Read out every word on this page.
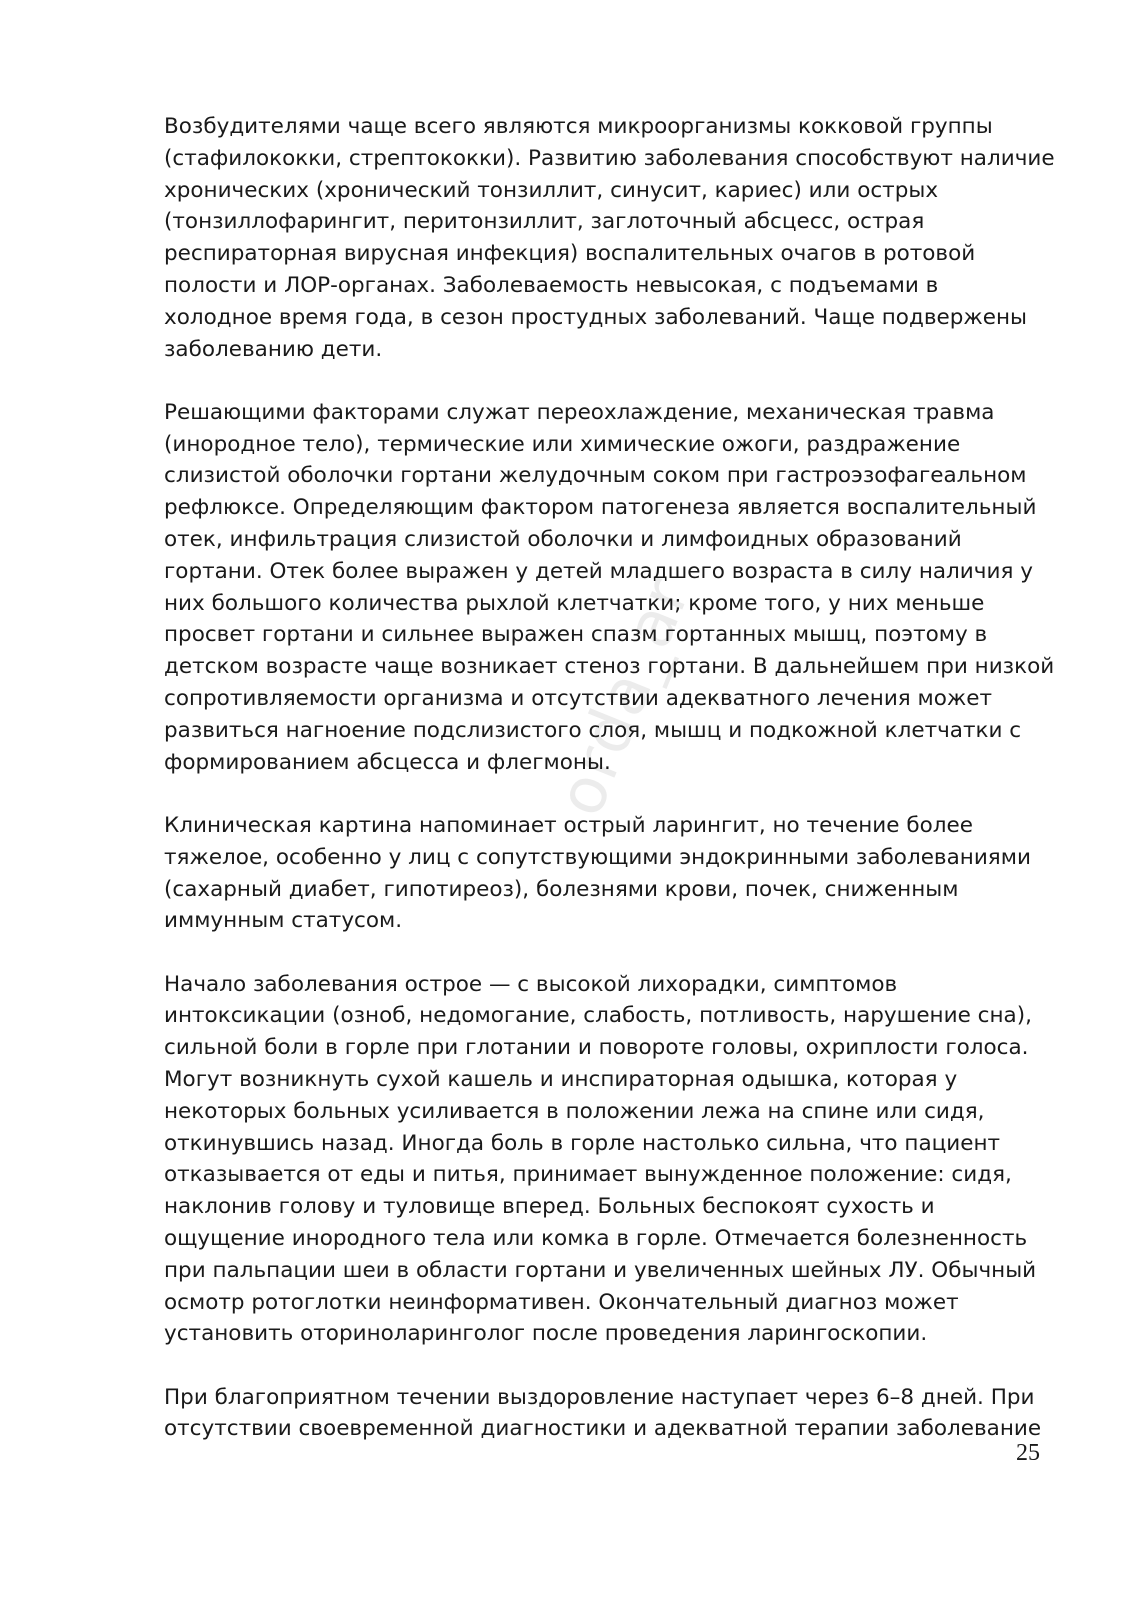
orda_ar
Возбудителями чаще всего являются микроорганизмы кокковой группы
(стафилококки, стрептококки). Развитию заболевания способствуют наличие
хронических (хронический тонзиллит, синусит, кариес) или острых
(тонзиллофарингит, перитонзиллит, заглоточный абсцесс, острая
респираторная вирусная инфекция) воспалительных очагов в ротовой
полости и ЛОР-органах. Заболеваемость невысокая, с подъемами в
холодное время года, в сезон простудных заболеваний. Чаще подвержены
заболеванию дети.
Решающими факторами служат переохлаждение, механическая травма
(инородное тело), термические или химические ожоги, раздражение
слизистой оболочки гортани желудочным соком при гастроэзофагеальном
рефлюксе. Определяющим фактором патогенеза является воспалительный
отек, инфильтрация слизистой оболочки и лимфоидных образований
гортани. Отек более выражен у детей младшего возраста в силу наличия у
них большого количества рыхлой клетчатки; кроме того, у них меньше
просвет гортани и сильнее выражен спазм гортанных мышц, поэтому в
детском возрасте чаще возникает стеноз гортани. В дальнейшем при низкой
сопротивляемости организма и отсутствии адекватного лечения может
развиться нагноение подслизистого слоя, мышц и подкожной клетчатки с
формированием абсцесса и флегмоны.
Клиническая картина напоминает острый ларингит, но течение более
тяжелое, особенно у лиц с сопутствующими эндокринными заболеваниями
(сахарный диабет, гипотиреоз), болезнями крови, почек, сниженным
иммунным статусом.
Начало заболевания острое — с высокой лихорадки, симптомов
интоксикации (озноб, недомогание, слабость, потливость, нарушение сна),
сильной боли в горле при глотании и повороте головы, охриплости голоса.
Могут возникнуть сухой кашель и инспираторная одышка, которая у
некоторых больных усиливается в положении лежа на спине или сидя,
откинувшись назад. Иногда боль в горле настолько сильна, что пациент
отказывается от еды и питья, принимает вынужденное положение: сидя,
наклонив голову и туловище вперед. Больных беспокоят сухость и
ощущение инородного тела или комка в горле. Отмечается болезненность
при пальпации шеи в области гортани и увеличенных шейных ЛУ. Обычный
осмотр ротоглотки неинформативен. Окончательный диагноз может
установить оториноларинголог после проведения ларингоскопии.
При благоприятном течении выздоровление наступает через 6–8 дней. При
отсутствии своевременной диагностики и адекватной терапии заболевание
25
